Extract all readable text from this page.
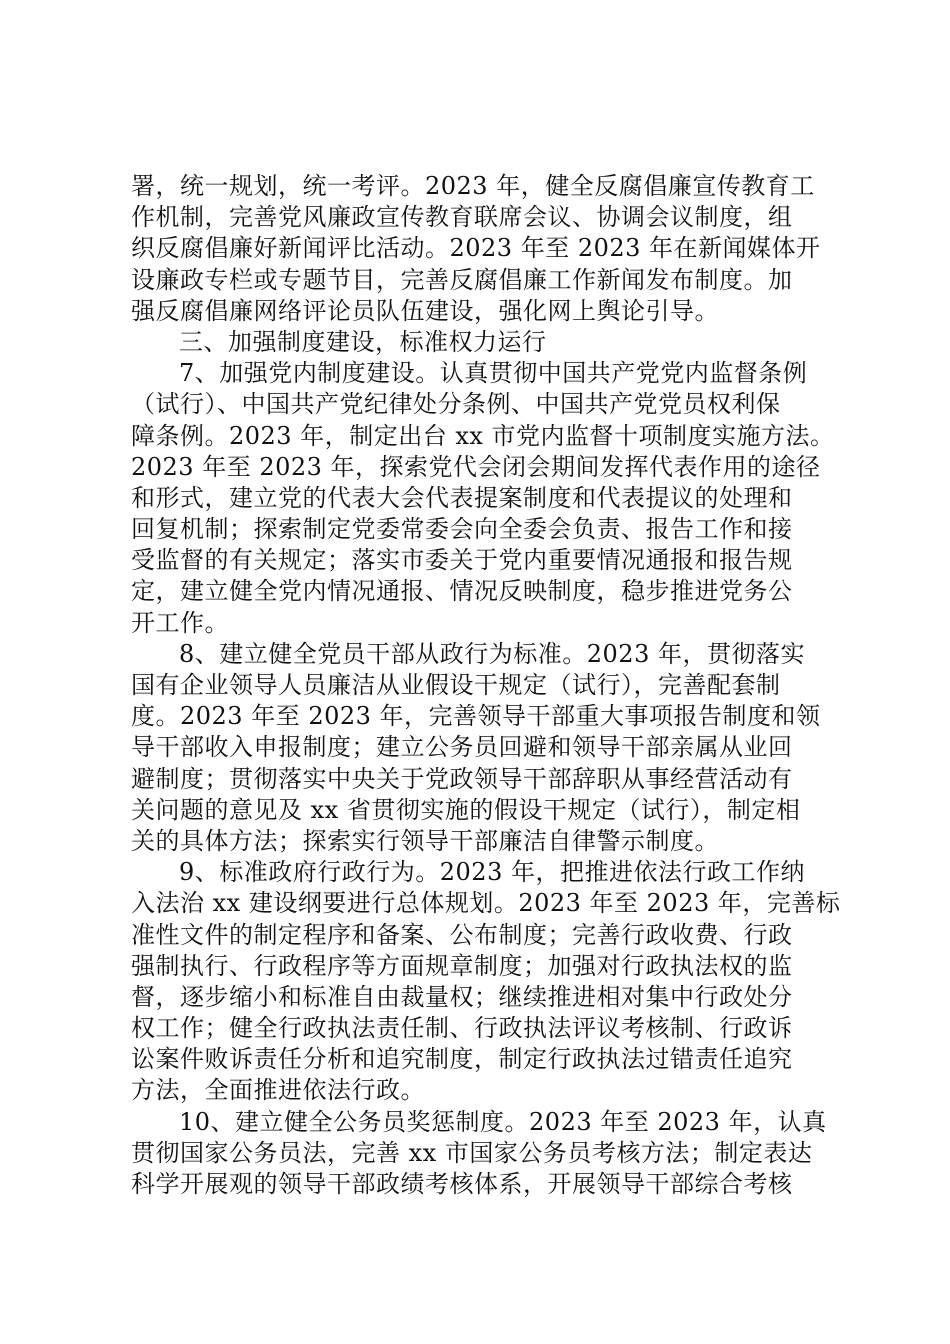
署，统一规划，统一考评。2023 年，健全反腐倡廉宣传教育工
作机制，完善党风廉政宣传教育联席会议、协调会议制度，组
织反腐倡廉好新闻评比活动。2023 年至 2023 年在新闻媒体开
设廉政专栏或专题节目，完善反腐倡廉工作新闻发布制度。加
强反腐倡廉网络评论员队伍建设，强化网上舆论引导。
三、加强制度建设，标准权力运行
7、加强党内制度建设。认真贯彻中国共产党党内监督条例
（试行）、中国共产党纪律处分条例、中国共产党党员权利保
障条例。2023 年，制定出台 xx 市党内监督十项制度实施方法。
2023 年至 2023 年，探索党代会闭会期间发挥代表作用的途径
和形式，建立党的代表大会代表提案制度和代表提议的处理和
回复机制；探索制定党委常委会向全委会负责、报告工作和接
受监督的有关规定；落实市委关于党内重要情况通报和报告规
定，建立健全党内情况通报、情况反映制度，稳步推进党务公
开工作。
8、建立健全党员干部从政行为标准。2023 年，贯彻落实
国有企业领导人员廉洁从业假设干规定（试行），完善配套制
度。2023 年至 2023 年，完善领导干部重大事项报告制度和领
导干部收入申报制度；建立公务员回避和领导干部亲属从业回
避制度；贯彻落实中央关于党政领导干部辞职从事经营活动有
关问题的意见及 xx 省贯彻实施的假设干规定（试行），制定相
关的具体方法；探索实行领导干部廉洁自律警示制度。
9、标准政府行政行为。2023 年，把推进依法行政工作纳
入法治 xx 建设纲要进行总体规划。2023 年至 2023 年，完善标
准性文件的制定程序和备案、公布制度；完善行政收费、行政
强制执行、行政程序等方面规章制度；加强对行政执法权的监
督，逐步缩小和标准自由裁量权；继续推进相对集中行政处分
权工作；健全行政执法责任制、行政执法评议考核制、行政诉
讼案件败诉责任分析和追究制度，制定行政执法过错责任追究
方法，全面推进依法行政。
10、建立健全公务员奖惩制度。2023 年至 2023 年，认真
贯彻国家公务员法，完善 xx 市国家公务员考核方法；制定表达
科学开展观的领导干部政绩考核体系，开展领导干部综合考核
